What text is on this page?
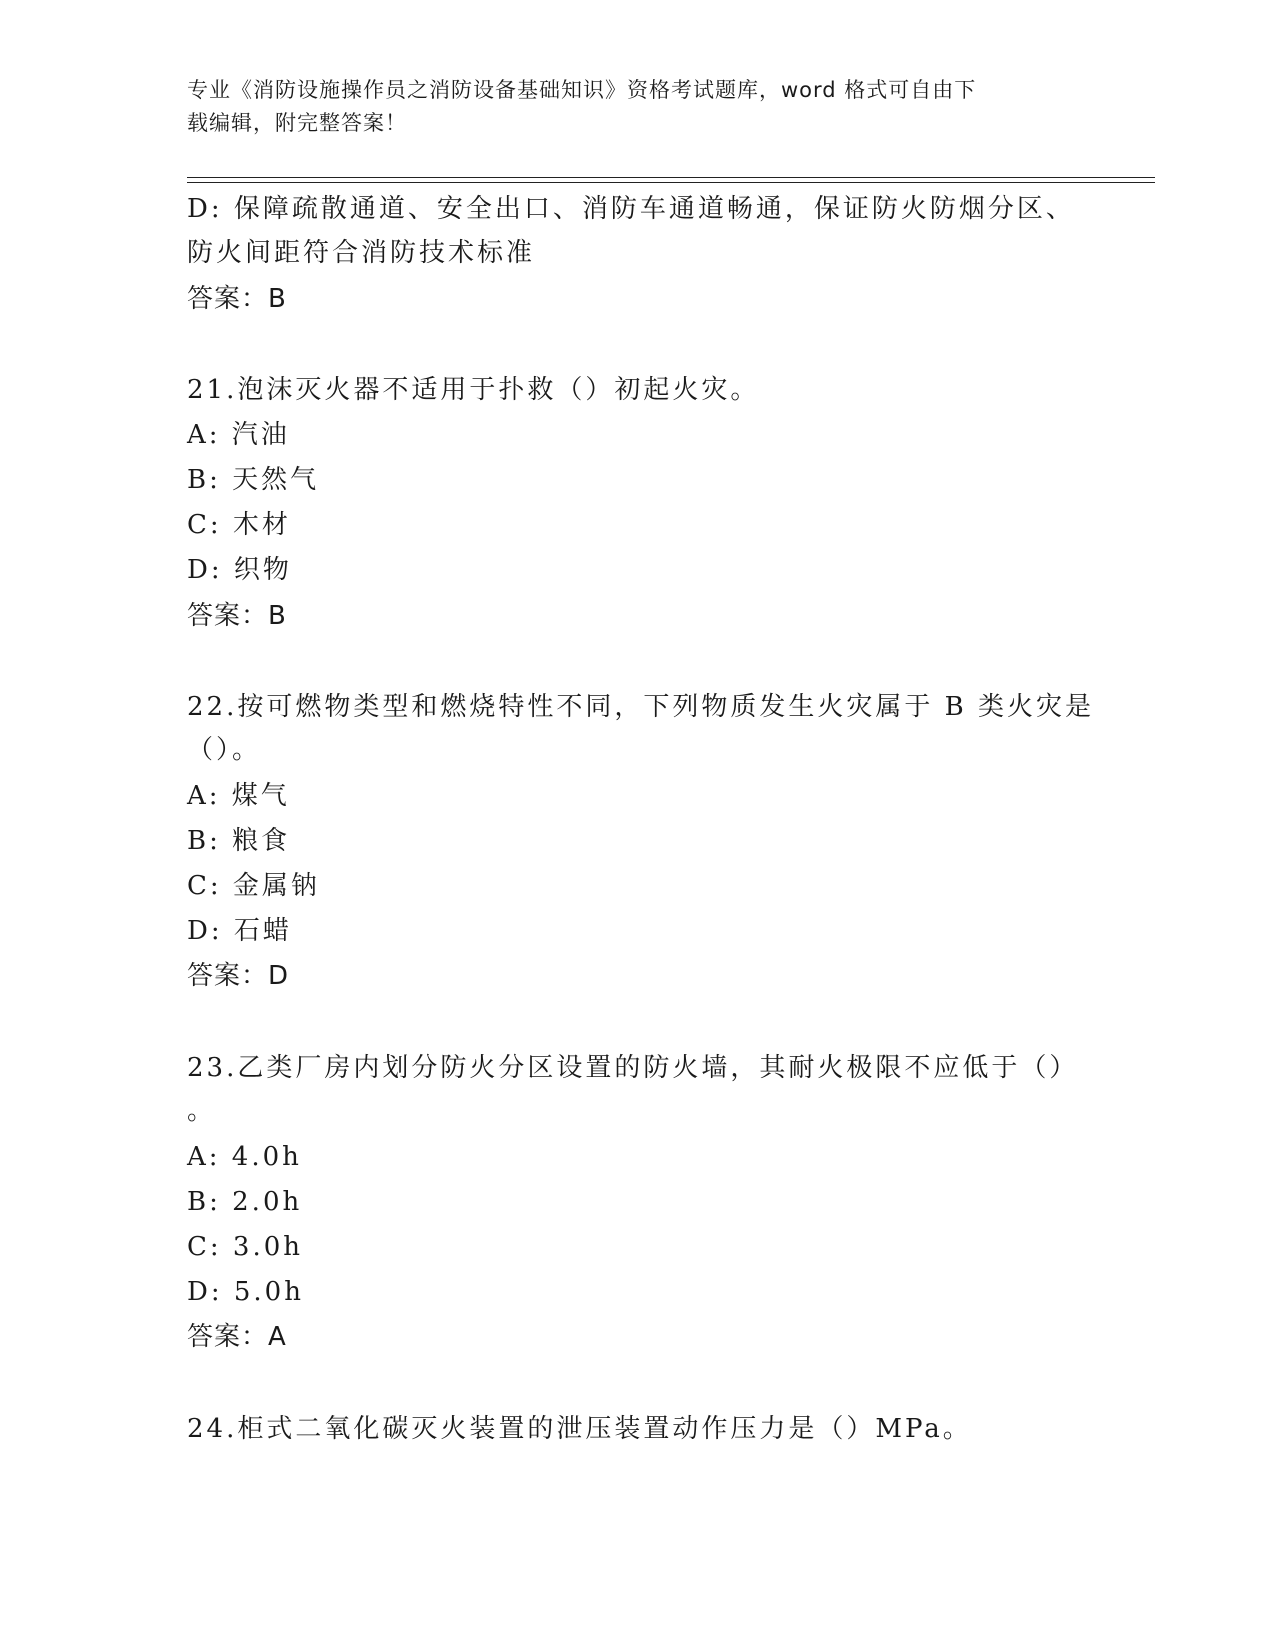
专业《消防设施操作员之消防设备基础知识》资格考试题库，word 格式可自由下
载编辑，附完整答案！
D: 保障疏散通道、安全出口、消防车通道畅通，保证防火防烟分区、
防火间距符合消防技术标准
答案：B
21.泡沫灭火器不适用于扑救（）初起火灾。
A: 汽油
B: 天然气
C: 木材
D: 织物
答案：B
22.按可燃物类型和燃烧特性不同，下列物质发生火灾属于 B 类火灾是
（）。
A: 煤气
B: 粮食
C: 金属钠
D: 石蜡
答案：D
23.乙类厂房内划分防火分区设置的防火墙，其耐火极限不应低于（）
。
A: 4.0h
B: 2.0h
C: 3.0h
D: 5.0h
答案：A
24.柜式二氧化碳灭火装置的泄压装置动作压力是（）MPa。
